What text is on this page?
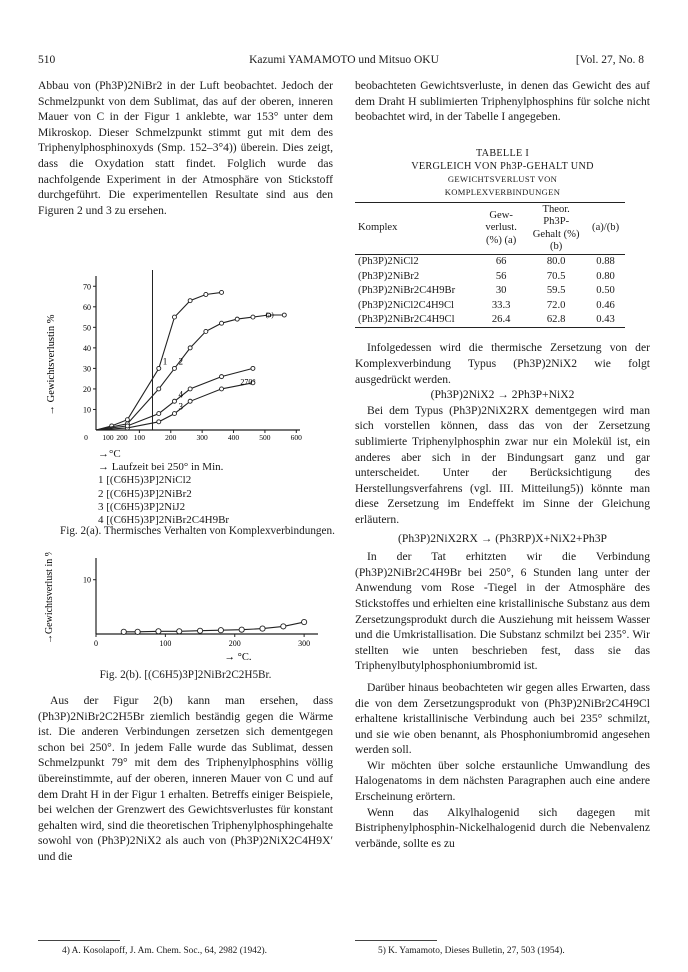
510	Kazumi YAMAMOTO und Mitsuo OKU	[Vol. 27, No. 8

Abbau von (Ph3P)2NiBr2 in der Luft beobachtet. Jedoch der Schmelzpunkt von dem Sublimat, das auf der oberen, inneren Mauer von C in der Figur 1 anklebte, war 153° unter dem Mikroskop. Dieser Schmelzpunkt stimmt gut mit dem des Triphenylphosphinoxyds (Smp. 152–3°4)) überein. Dies zeigt, dass die Oxydation statt findet. Folglich wurde das nachfolgende Experiment in der Atmosphäre von Stickstoff durchgeführt. Die experimentellen Resultate sind aus den Figuren 2 und 3 zu ersehen.

10
20
30
40
50
60
70
0 100 200 100	200	300	400	500	600
→ Gewichtsverlustin %	1 2
3
4
(a)
270°

→°C

→ Laufzeit bei 250° in Min.

1 [(C6H5)3P]2NiCl2

2 [(C6H5)3P]2NiBr2

3 [(C6H5)3P]2NiJ2

4 [(C6H5)3P]2NiBr2C4H9Br

Fig. 2(a). Thermisches Verhalten von Komplexverbindungen.

10
0	100	200	300
→Gewichtsverlust in %
→ °C.

Fig. 2(b). [(C6H5)3P]2NiBr2C2H5Br.

Aus der Figur 2(b) kann man ersehen, dass (Ph3P)2NiBr2C2H5Br ziemlich beständig gegen die Wärme ist. Die anderen Verbindungen zersetzen sich dementgegen schon bei 250°. In jedem Falle wurde das Sublimat, dessen Schmelzpunkt 79° mit dem des Triphenylphosphins völlig übereinstimmte, auf der oberen, inneren Mauer von C und auf dem Draht H in der Figur 1 erhalten. Betreffs einiger Beispiele, bei welchen der Grenzwert des Gewichtsverlustes für konstant gehalten wird, sind die theoretischen Triphenylphosphingehalte sowohl von (Ph3P)2NiX2 als auch von (Ph3P)2NiX2C4H9X′ und die

4) A. Kosolapoff, J. Am. Chem. Soc., 64, 2982 (1942).

beobachteten Gewichtsverluste, in denen das Gewicht des auf dem Draht H sublimierten Triphenylphosphins für solche nicht beobachtet wird, in der Tabelle I angegeben.

TABELLE I
VERGLEICH VON Ph3P-GEHALT UND
GEWICHTSVERLUST VON
KOMPLEXVERBINDUNGEN
Komplex	Gew-verlust. (%) (a)	Theor. Ph3P-Gehalt (%) (b)	(a)/(b)
(Ph3P)2NiCl2	66	80.0	0.88
(Ph3P)2NiBr2	56	70.5	0.80
(Ph3P)2NiBr2C4H9Br	30	59.5	0.50
(Ph3P)2NiCl2C4H9Cl	33.3	72.0	0.46
(Ph3P)2NiBr2C4H9Cl	26.4	62.8	0.43

Infolgedessen wird die thermische Zersetzung von der Komplexverbindung Typus (Ph3P)2NiX2 wie folgt ausgedrückt werden.

(Ph3P)2NiX2 → 2Ph3P+NiX2

Bei dem Typus (Ph3P)2NiX2RX dementgegen wird man sich vorstellen können, dass das von der Zersetzung sublimierte Triphenylphosphin zwar nur ein Molekül ist, ein anderes aber sich in der Bindungsart ganz und gar unterscheidet. Unter der Berücksichtigung des Herstellungsverfahrens (vgl. III. Mitteilung5)) könnte man diese Zersetzung im Endeffekt im Sinne der Gleichung erläutern.

(Ph3P)2NiX2RX → (Ph3RP)X+NiX2+Ph3P

In der Tat erhitzten wir die Verbindung (Ph3P)2NiBr2C4H9Br bei 250°, 6 Stunden lang unter der Anwendung vom Rose -Tiegel in der Atmosphäre des Stickstoffes und erhielten eine kristallinische Substanz aus dem Zersetzungsprodukt durch die Ausziehung mit heissem Wasser und die Umkristallisation. Die Substanz schmilzt bei 235°. Wir stellten wie unten beschrieben fest, dass sie das Triphenylbutylphosphoniumbromid ist.

Darüber hinaus beobachteten wir gegen alles Erwarten, dass die von dem Zersetzungsprodukt von (Ph3P)2NiBr2C4H9Cl erhaltene kristallinische Verbindung auch bei 235° schmilzt, und sie wie oben benannt, als Phosphoniumbromid angesehen werden soll.

Wir möchten über solche erstaunliche Umwandlung des Halogenatoms in dem nächsten Paragraphen auch eine andere Erscheinung erörtern.

Wenn das Alkylhalogenid sich dagegen mit Bistriphenylphosphin-Nickelhalogenid durch die Nebenvalenz verbände, sollte es zu

5) K. Yamamoto, Dieses Bulletin, 27, 503 (1954).
